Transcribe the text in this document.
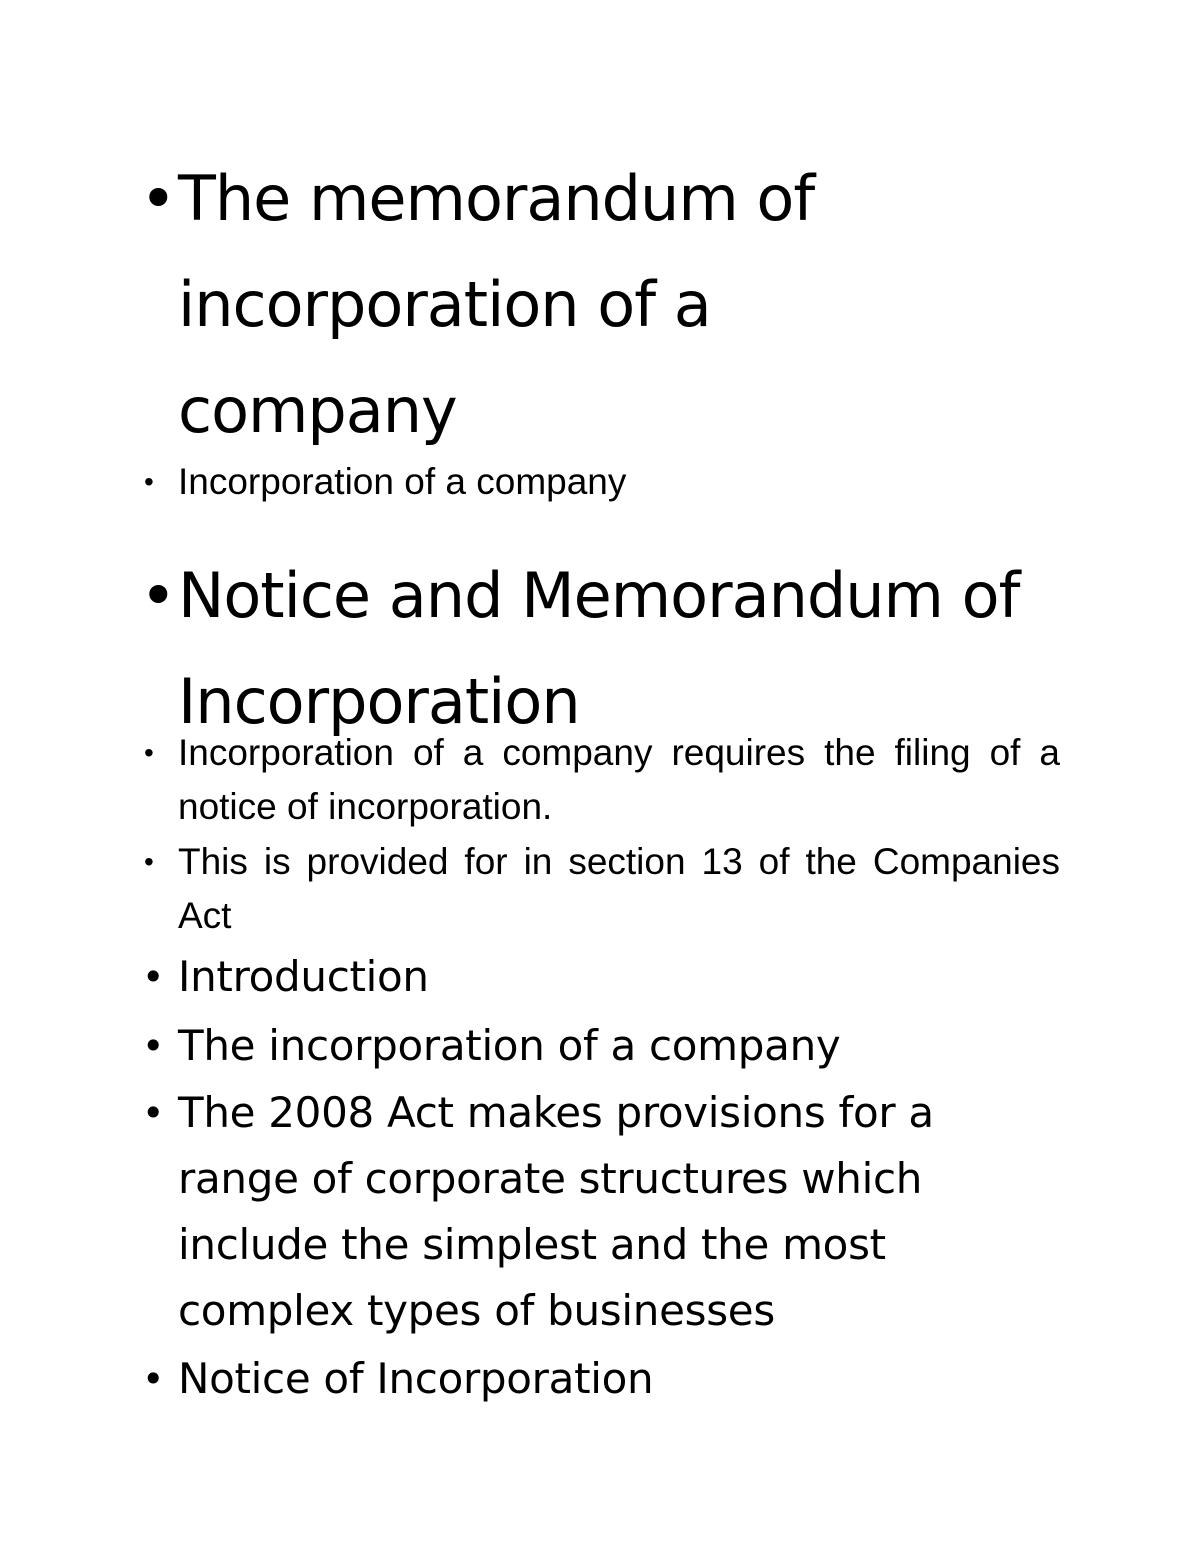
• The memorandum of incorporation of a company
• Incorporation of a company
• Notice and Memorandum of Incorporation
• Incorporation of a company requires the filing of a notice of incorporation.
• This is provided for in section 13 of the Companies Act
• Introduction
• The incorporation of a company
• The 2008 Act makes provisions for a range of corporate structures which include the simplest and the most complex types of businesses
• Notice of Incorporation
